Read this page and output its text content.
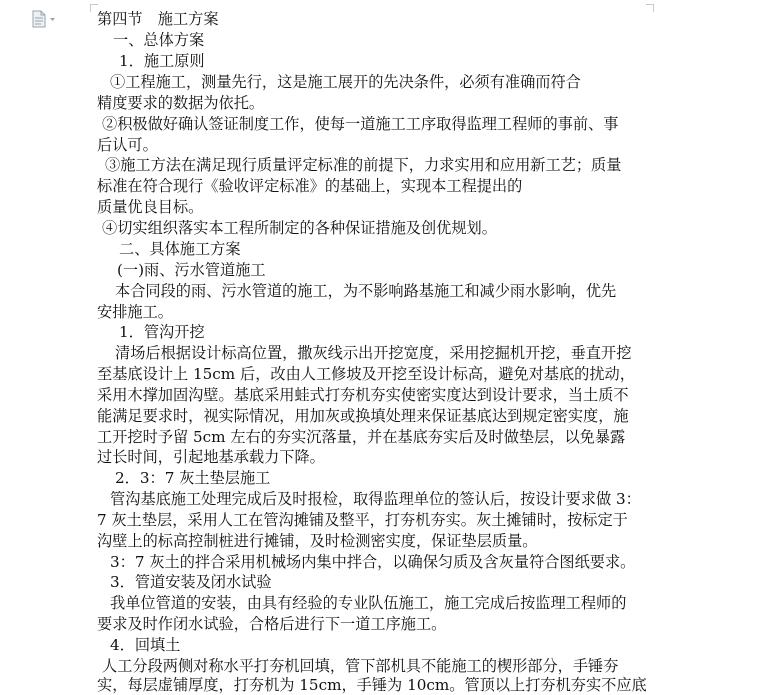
第四节　施工方案

一、总体方案

1．施工原则

①工程施工，测量先行，这是施工展开的先决条件，必须有准确而符合

精度要求的数据为依托。

②积极做好确认签证制度工作，使每一道施工工序取得监理工程师的事前、事

后认可。

③施工方法在满足现行质量评定标准的前提下，力求实用和应用新工艺；质量

标准在符合现行《验收评定标准》的基础上，实现本工程提出的

质量优良目标。

④切实组织落实本工程所制定的各种保证措施及创优规划。

二、具体施工方案

(一)雨、污水管道施工

本合同段的雨、污水管道的施工，为不影响路基施工和减少雨水影响，优先

安排施工。

1．管沟开挖

清场后根据设计标高位置，撒灰线示出开挖宽度，采用挖掘机开挖，垂直开挖

至基底设计上 15cm 后，改由人工修坡及开挖至设计标高，避免对基底的扰动，

采用木撑加固沟壁。基底采用蛙式打夯机夯实使密实度达到设计要求，当土质不

能满足要求时，视实际情况，用加灰或换填处理来保证基底达到规定密实度，施

工开挖时予留 5cm 左右的夯实沉落量，并在基底夯实后及时做垫层，以免暴露

过长时间，引起地基承载力下降。

2．3：7 灰土垫层施工

管沟基底施工处理完成后及时报检，取得监理单位的签认后，按设计要求做 3：

7 灰土垫层，采用人工在管沟摊铺及整平，打夯机夯实。灰土摊铺时，按标定于

沟壁上的标高控制桩进行摊铺，及时检测密实度，保证垫层质量。

3：7 灰土的拌合采用机械场内集中拌合，以确保匀质及含灰量符合图纸要求。

3．管道安装及闭水试验

我单位管道的安装，由具有经验的专业队伍施工，施工完成后按监理工程师的

要求及时作闭水试验，合格后进行下一道工序施工。

4．回填土

人工分段两侧对称水平打夯机回填，管下部机具不能施工的楔形部分，手锤夯

实，每层虚铺厚度，打夯机为 15cm，手锤为 10cm。管顶以上打夯机夯实不应底
